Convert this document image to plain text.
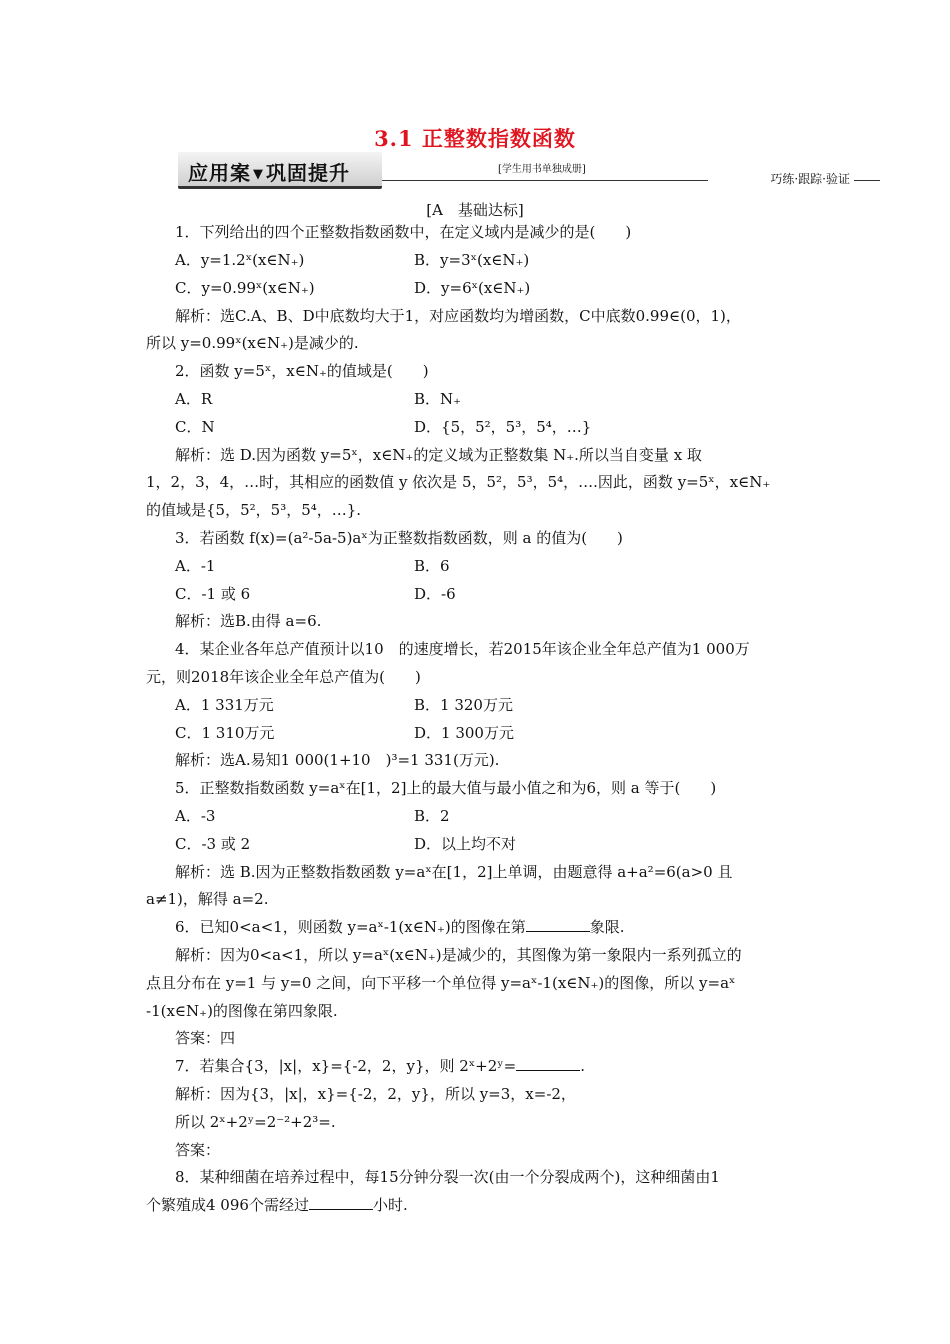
3.1 正整数指数函数
应用案 ▼ 巩固提升	[学生用书单独成册]
巧练·跟踪·验证
[A　基础达标]
1．下列给出的四个正整数指数函数中，在定义域内是减少的是(　　)
A．y=1.2ˣ(x∈N₊)	B．y=3ˣ(x∈N₊)
C．y=0.99ˣ(x∈N₊)	D．y=6ˣ(x∈N₊)
解析：选C.A、B、D中底数均大于1，对应函数均为增函数，C中底数0.99∈(0，1)，
所以 y=0.99ˣ(x∈N₊)是减少的.
2．函数 y=5ˣ，x∈N₊的值域是(　　)
A．R	B．N₊
C．N	D．{5，5²，5³，5⁴，…}
解析：选 D.因为函数 y=5ˣ，x∈N₊的定义域为正整数集 N₊.所以当自变量 x 取
1，2，3，4，…时，其相应的函数值 y 依次是 5，5²，5³，5⁴，….因此，函数 y=5ˣ，x∈N₊
的值域是{5，5²，5³，5⁴，…}.
3．若函数 f(x)=(a²-5a-5)aˣ为正整数指数函数，则 a 的值为(　　)
A．-1	B．6
C．-1 或 6	D．-6
解析：选B.由得 a=6.
4．某企业各年总产值预计以10　的速度增长，若2015年该企业全年总产值为1 000万
元，则2018年该企业全年总产值为(　　)
A．1 331万元	B．1 320万元
C．1 310万元	D．1 300万元
解析：选A.易知1 000(1+10　)³=1 331(万元).
5．正整数指数函数 y=aˣ在[1，2]上的最大值与最小值之和为6，则 a 等于(　　)
A．-3	B．2
C．-3 或 2	D．以上均不对
解析：选 B.因为正整数指数函数 y=aˣ在[1，2]上单调，由题意得 a+a²=6(a>0 且
a≠1)，解得 a=2.
6．已知0<a<1，则函数 y=aˣ-1(x∈N₊)的图像在第	象限.
解析：因为0<a<1，所以 y=aˣ(x∈N₊)是减少的，其图像为第一象限内一系列孤立的
点且分布在 y=1 与 y=0 之间，向下平移一个单位得 y=aˣ-1(x∈N₊)的图像，所以 y=aˣ
-1(x∈N₊)的图像在第四象限.
答案：四
7．若集合{3，|x|，x}={-2，2，y}，则 2ˣ+2ʸ=	.
解析：因为{3，|x|，x}={-2，2，y}，所以 y=3，x=-2，
所以 2ˣ+2ʸ=2⁻²+2³=.
答案：
8．某种细菌在培养过程中，每15分钟分裂一次(由一个分裂成两个)，这种细菌由1
个繁殖成4 096个需经过	小时.
